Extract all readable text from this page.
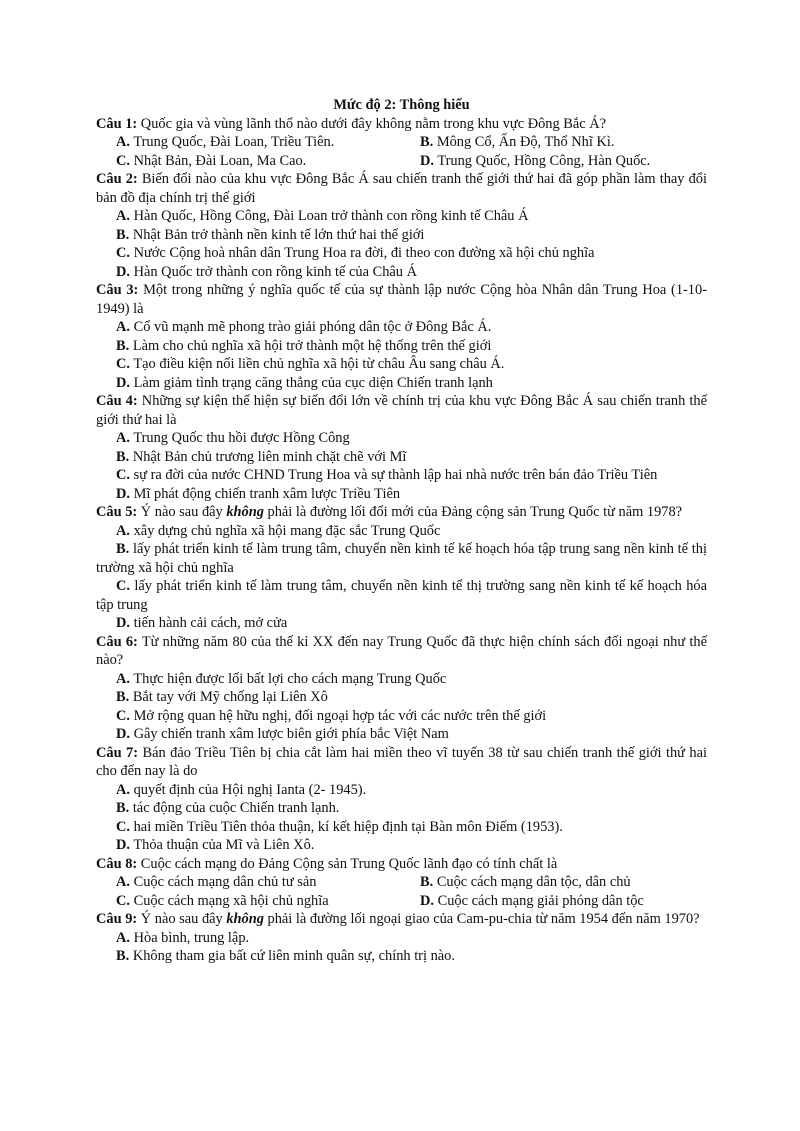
Mức độ 2: Thông hiểu
Câu 1: Quốc gia và vùng lãnh thổ nào dưới đây không nằm trong khu vực Đông Bắc Á?
A. Trung Quốc, Đài Loan, Triều Tiên.	B. Mông Cổ, Ấn Độ, Thổ Nhĩ Kì.
C. Nhật Bản, Đài Loan, Ma Cao.	D. Trung Quốc, Hồng Công, Hàn Quốc.
Câu 2: Biến đổi nào của khu vực Đông Bắc Á sau chiến tranh thế giới thứ hai đã góp phần làm thay đổi bản đồ địa chính trị thế giới
A. Hàn Quốc, Hồng Công, Đài Loan trở thành con rồng kinh tế Châu Á
B. Nhật Bản trở thành nền kinh tế lớn thứ hai thế giới
C. Nước Cộng hoà nhân dân Trung Hoa ra đời, đi theo con đường xã hội chủ nghĩa
D. Hàn Quốc trở thành con rồng kinh tế của Châu Á
Câu 3: Một trong những ý nghĩa quốc tế của sự thành lập nước Cộng hòa Nhân dân Trung Hoa (1-10-1949) là
A. Cổ vũ mạnh mẽ phong trào giải phóng dân tộc ở Đông Bắc Á.
B. Làm cho chủ nghĩa xã hội trở thành một hệ thống trên thế giới
C. Tạo điều kiện nối liền chủ nghĩa xã hội từ châu Âu sang châu Á.
D. Làm giảm tình trạng căng thẳng của cục diện Chiến tranh lạnh
Câu 4: Những sự kiện thể hiện sự biến đổi lớn về chính trị của khu vực Đông Bắc Á sau chiến tranh thế giới thứ hai là
A. Trung Quốc thu hồi được Hồng Công
B. Nhật Bản chủ trương liên minh chặt chẽ với Mĩ
C. sự ra đời của nước CHND Trung Hoa và sự thành lập hai nhà nước trên bán đảo Triều Tiên
D. Mĩ phát động chiến tranh xâm lược Triều Tiên
Câu 5: Ý nào sau đây không phải là đường lối đổi mới của Đảng cộng sản Trung Quốc từ năm 1978?
A. xây dựng chủ nghĩa xã hội mang đặc sắc Trung Quốc
B. lấy phát triển kinh tế làm trung tâm, chuyển nền kinh tế kế hoạch hóa tập trung sang nền kinh tế thị trường xã hội chủ nghĩa
C. lấy phát triển kinh tế làm trung tâm, chuyển nền kinh tế thị trường sang nền kinh tế kế hoạch hóa tập trung
D. tiến hành cải cách, mở cửa
Câu 6: Từ những năm 80 của thế kỉ XX đến nay Trung Quốc đã thực hiện chính sách đối ngoại như thế nào?
A. Thực hiện được lối bất lợi cho cách mạng Trung Quốc
B. Bắt tay với Mỹ chống lại Liên Xô
C. Mở rộng quan hệ hữu nghị, đối ngoại hợp tác với các nước trên thế giới
D. Gây chiến tranh xâm lược biên giới phía bắc Việt Nam
Câu 7: Bán đảo Triều Tiên bị chia cắt làm hai miền theo vĩ tuyến 38 từ sau chiến tranh thế giới thứ hai cho đến nay là do
A. quyết định của Hội nghị Ianta (2- 1945).
B. tác động của cuộc Chiến tranh lạnh.
C. hai miền Triều Tiên thỏa thuận, kí kết hiệp định tại Bàn môn Điếm (1953).
D. Thỏa thuận của Mĩ và Liên Xô.
Câu 8: Cuộc cách mạng do Đảng Cộng sản Trung Quốc lãnh đạo có tính chất là
A. Cuộc cách mạng dân chủ tư sản	B. Cuộc cách mạng dân tộc, dân chủ
C. Cuộc cách mạng xã hội chủ nghĩa	D. Cuộc cách mạng giải phóng dân tộc
Câu 9: Ý nào sau đây không phải là đường lối ngoại giao của Cam-pu-chia từ năm 1954 đến năm 1970?
A. Hòa bình, trung lập.
B. Không tham gia bất cứ liên minh quân sự, chính trị nào.
